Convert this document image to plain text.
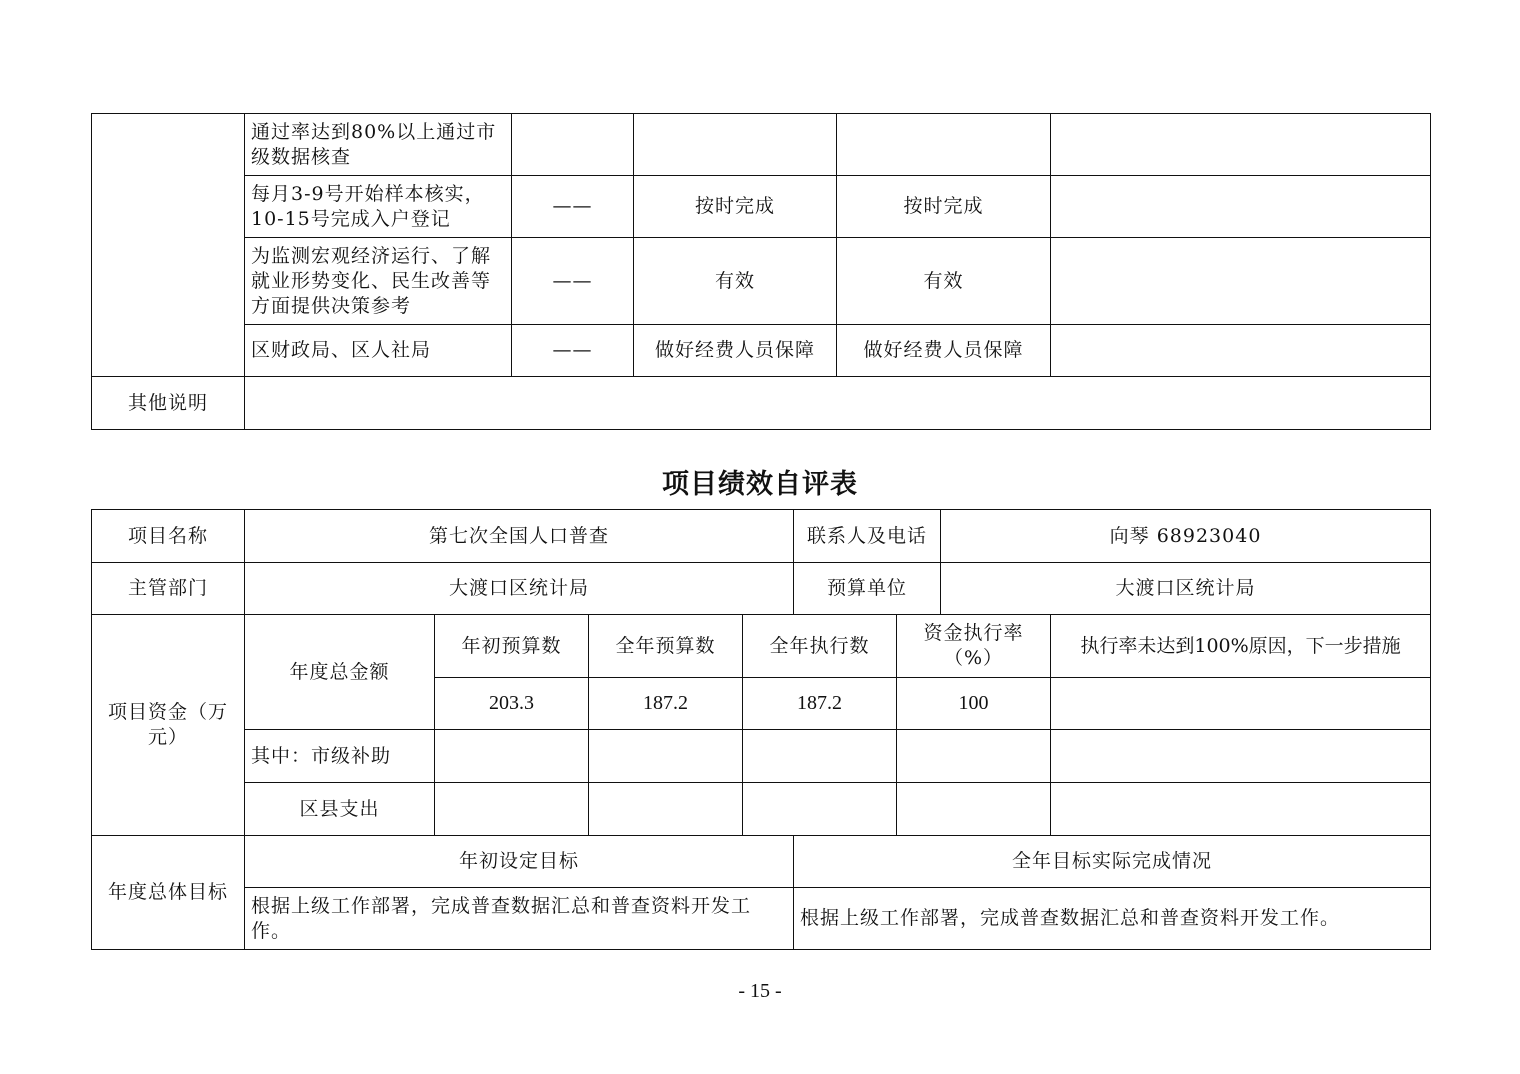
	通过率达到80%以上通过市级数据核查				
	每月3-9号开始样本核实，10-15号完成入户登记	——	按时完成	按时完成	
	为监测宏观经济运行、了解就业形势变化、民生改善等方面提供决策参考	——	有效	有效	
	区财政局、区人社局	——	做好经费人员保障	做好经费人员保障	
其他说明					
项目绩效自评表
项目名称	第七次全国人口普查				联系人及电话		向琴 68923040	
主管部门	大渡口区统计局				预算单位		大渡口区统计局	
项目资金（万元）	年度总金额	年初预算数	全年预算数	全年执行数		资金执行率（%）		执行率未达到100%原因，下一步措施
		203.3	187.2	187.2		100		
	其中：市级补助							
	区县支出							
年度总体目标	年初设定目标				全年目标实际完成情况			
	根据上级工作部署，完成普查数据汇总和普查资料开发工作。				根据上级工作部署，完成普查数据汇总和普查资料开发工作。			
- 15 -
